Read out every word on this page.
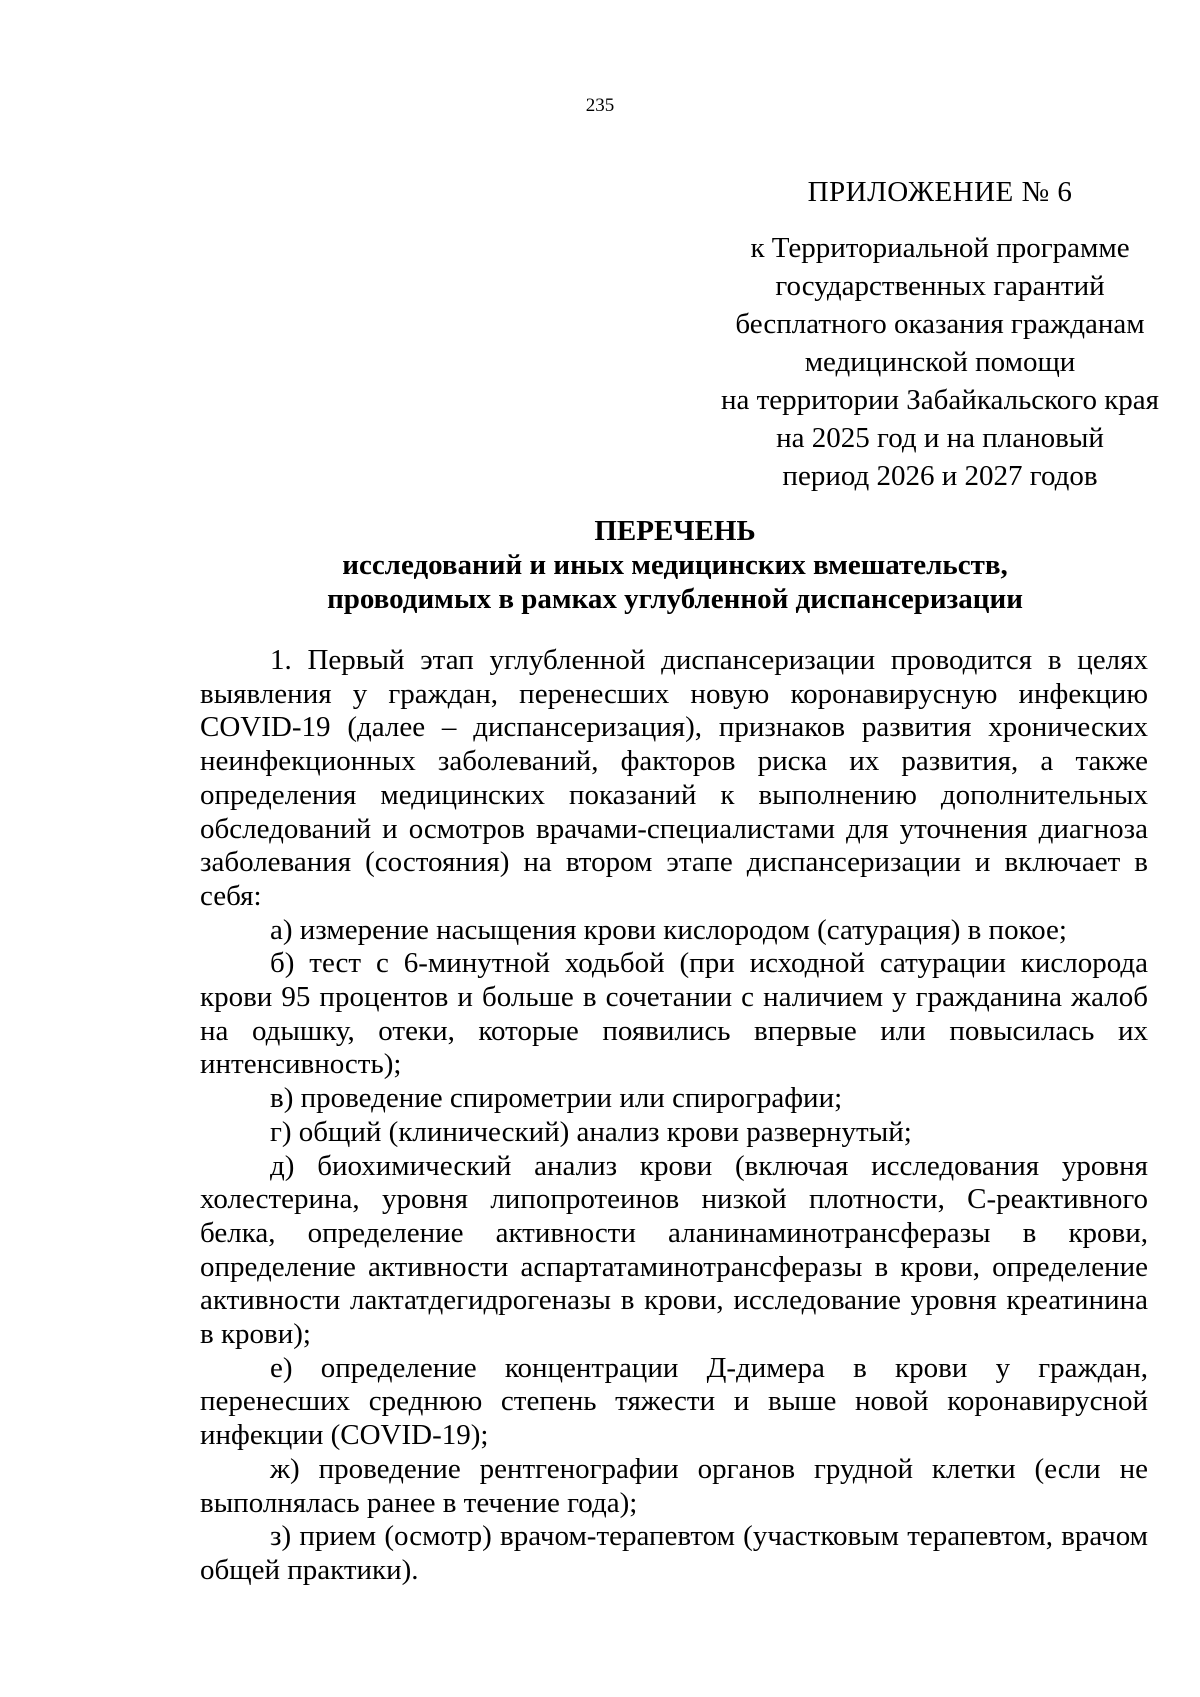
235
ПРИЛОЖЕНИЕ № 6
к Территориальной программе
государственных гарантий
бесплатного оказания гражданам
медицинской помощи
на территории Забайкальского края
на 2025 год и на плановый
период 2026 и 2027 годов
ПЕРЕЧЕНЬ
исследований и иных медицинских вмешательств,
проводимых в рамках углубленной диспансеризации

1. Первый этап углубленной диспансеризации проводится в целях выявления у граждан, перенесших новую коронавирусную инфекцию COVID-19 (далее – диспансеризация), признаков развития хронических неинфекционных заболеваний, факторов риска их развития, а также определения медицинских показаний к выполнению дополнительных обследований и осмотров врачами-специалистами для уточнения диагноза заболевания (состояния) на втором этапе диспансеризации и включает в себя:

а) измерение насыщения крови кислородом (сатурация) в покое;

б) тест с 6-минутной ходьбой (при исходной сатурации кислорода крови 95 процентов и больше в сочетании с наличием у гражданина жалоб на одышку, отеки, которые появились впервые или повысилась их интенсивность);

в) проведение спирометрии или спирографии;

г) общий (клинический) анализ крови развернутый;

д) биохимический анализ крови (включая исследования уровня холестерина, уровня липопротеинов низкой плотности, С-реактивного белка, определение активности аланинаминотрансферазы в крови, определение активности аспартатаминотрансферазы в крови, определение активности лактатдегидрогеназы в крови, исследование уровня креатинина в крови);

е) определение концентрации Д-димера в крови у граждан, перенесших среднюю степень тяжести и выше новой коронавирусной инфекции (COVID-19);

ж) проведение рентгенографии органов грудной клетки (если не выполнялась ранее в течение года);

з) прием (осмотр) врачом-терапевтом (участковым терапевтом, врачом общей практики).
